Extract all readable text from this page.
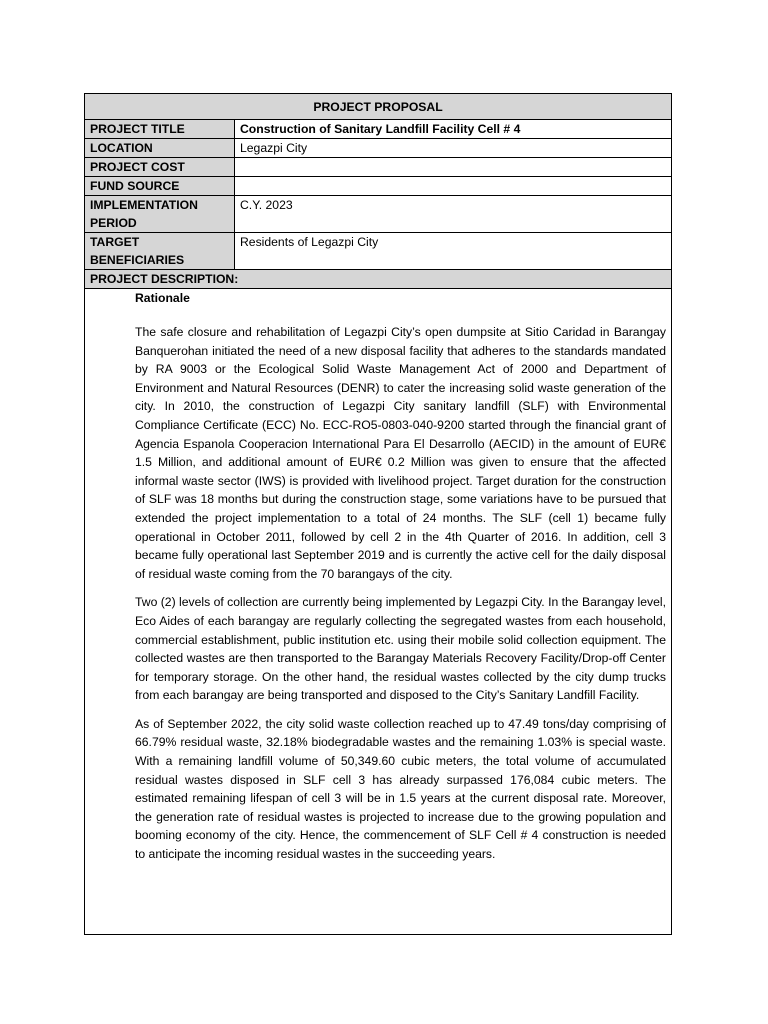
PROJECT PROPOSAL	
PROJECT TITLE	Construction of Sanitary Landfill Facility Cell # 4
LOCATION	Legazpi City
PROJECT COST	
FUND SOURCE	
IMPLEMENTATION PERIOD	C.Y. 2023
TARGET BENEFICIARIES	Residents of Legazpi City
PROJECT DESCRIPTION:	

Rationale

The safe closure and rehabilitation of Legazpi City’s open dumpsite at Sitio Caridad in Barangay Banquerohan initiated the need of a new disposal facility that adheres to the standards mandated by RA 9003 or the Ecological Solid Waste Management Act of 2000 and Department of Environment and Natural Resources (DENR) to cater the increasing solid waste generation of the city. In 2010, the construction of Legazpi City sanitary landfill (SLF) with Environmental Compliance Certificate (ECC) No. ECC-RO5-0803-040-9200 started through the financial grant of Agencia Espanola Cooperacion International Para El Desarrollo (AECID) in the amount of EUR€ 1.5 Million, and additional amount of EUR€ 0.2 Million was given to ensure that the affected informal waste sector (IWS) is provided with livelihood project. Target duration for the construction of SLF was 18 months but during the construction stage, some variations have to be pursued that extended the project implementation to a total of 24 months. The SLF (cell 1) became fully operational in October 2011, followed by cell 2 in the 4th Quarter of 2016. In addition, cell 3 became fully operational last September 2019 and is currently the active cell for the daily disposal of residual waste coming from the 70 barangays of the city.

Two (2) levels of collection are currently being implemented by Legazpi City. In the Barangay level, Eco Aides of each barangay are regularly collecting the segregated wastes from each household, commercial establishment, public institution etc. using their mobile solid collection equipment. The collected wastes are then transported to the Barangay Materials Recovery Facility/Drop-off Center for temporary storage. On the other hand, the residual wastes collected by the city dump trucks from each barangay are being transported and disposed to the City’s Sanitary Landfill Facility.

As of September 2022, the city solid waste collection reached up to 47.49 tons/day comprising of 66.79% residual waste, 32.18% biodegradable wastes and the remaining 1.03% is special waste. With a remaining landfill volume of 50,349.60 cubic meters, the total volume of accumulated residual wastes disposed in SLF cell 3 has already surpassed 176,084 cubic meters. The estimated remaining lifespan of cell 3 will be in 1.5 years at the current disposal rate. Moreover, the generation rate of residual wastes is projected to increase due to the growing population and booming economy of the city. Hence, the commencement of SLF Cell # 4 construction is needed to anticipate the incoming residual wastes in the succeeding years.	
